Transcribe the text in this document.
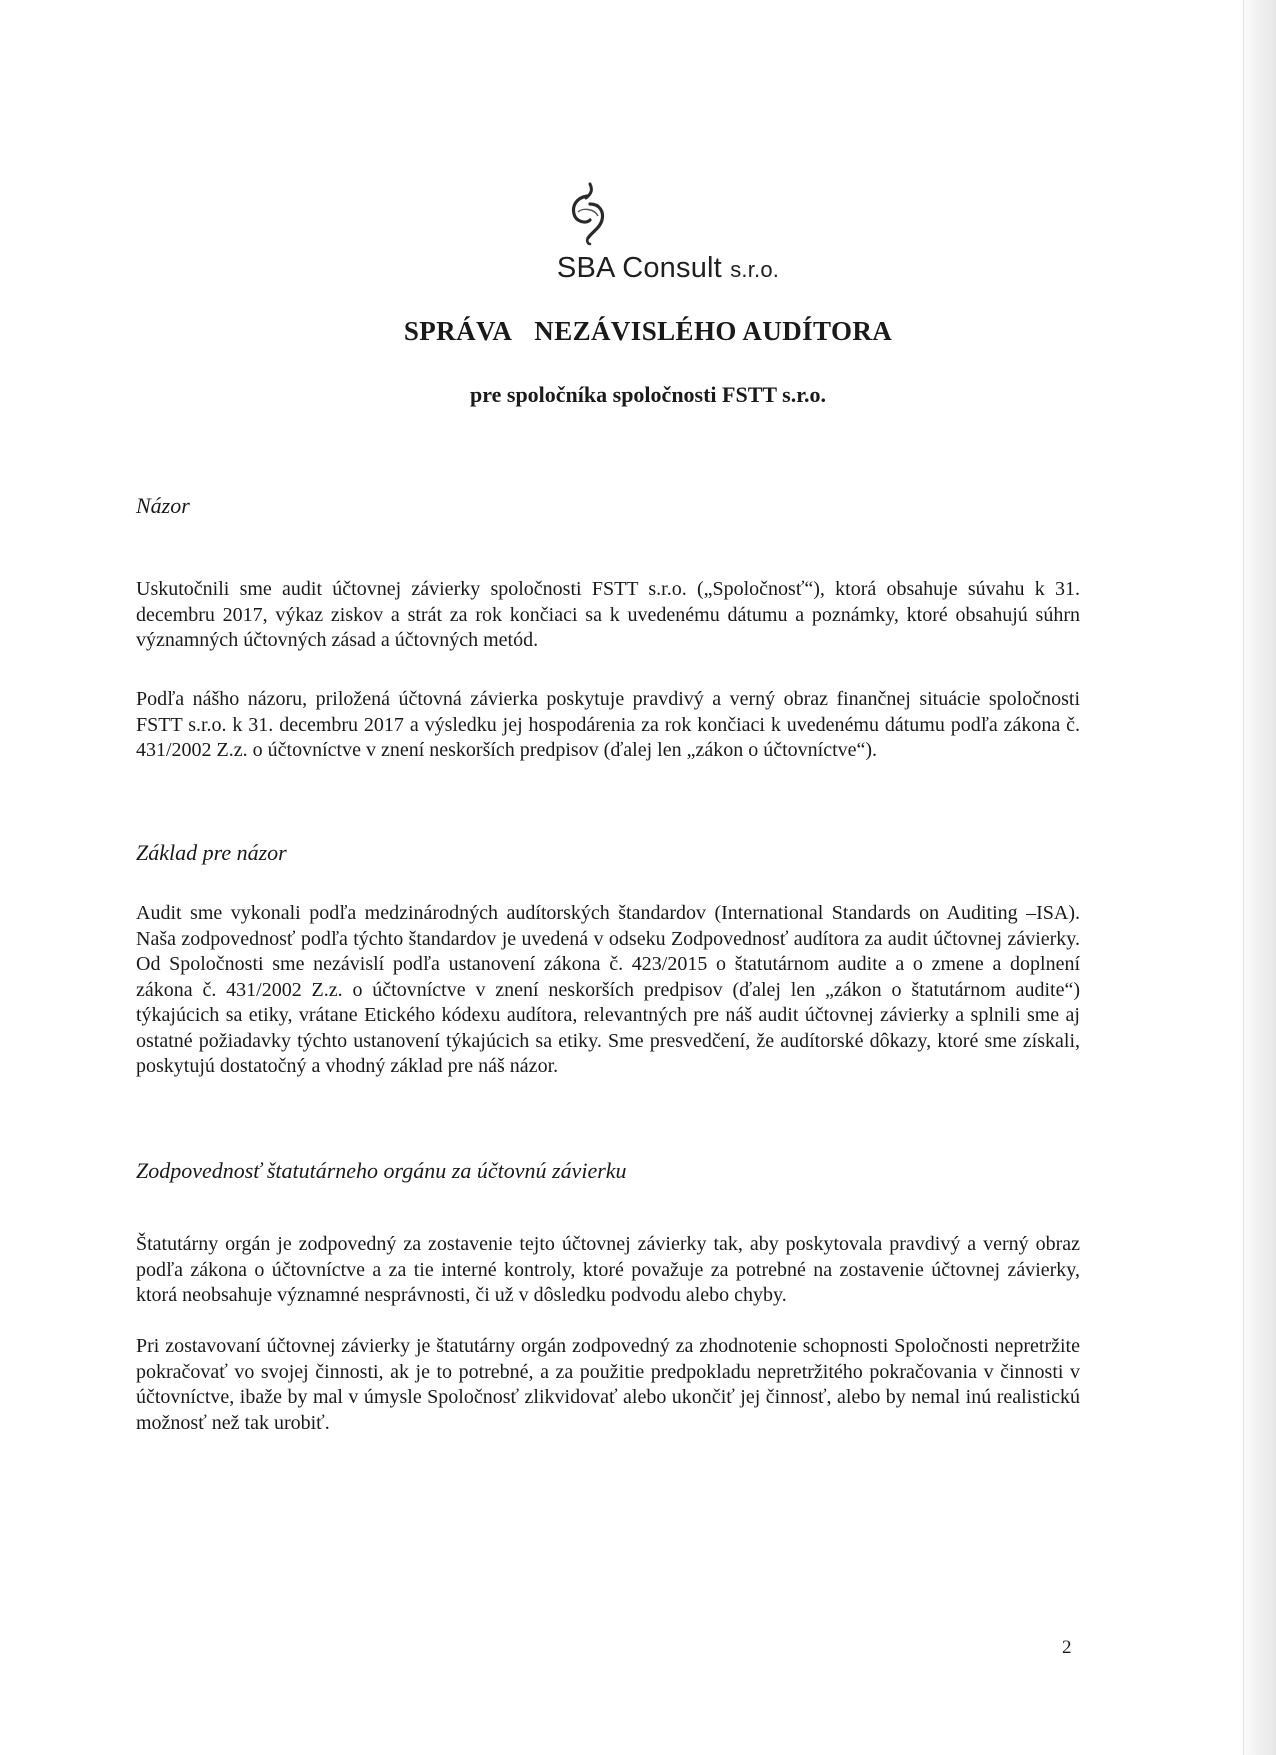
SBA Consult s.r.o.
SPRÁVA NEZÁVISLÉHO AUDÍTORA
pre spoločníka spoločnosti FSTT s.r.o.
Názor

Uskutočnili sme audit účtovnej závierky spoločnosti FSTT s.r.o. („Spoločnosť“), ktorá obsahuje súvahu k 31. decembru 2017, výkaz ziskov a strát za rok končiaci sa k uvedenému dátumu a poznámky, ktoré obsahujú súhrn významných účtovných zásad a účtovných metód.

Podľa nášho názoru, priložená účtovná závierka poskytuje pravdivý a verný obraz finančnej situácie spoločnosti FSTT s.r.o. k 31. decembru 2017 a výsledku jej hospodárenia za rok končiaci k uvedenému dátumu podľa zákona č. 431/2002 Z.z. o účtovníctve v znení neskorších predpisov (ďalej len „zákon o účtovníctve“).

Základ pre názor

Audit sme vykonali podľa medzinárodných audítorských štandardov (International Standards on Auditing –ISA). Naša zodpovednosť podľa týchto štandardov je uvedená v odseku Zodpovednosť audítora za audit účtovnej závierky. Od Spoločnosti sme nezávislí podľa ustanovení zákona č. 423/2015 o štatutárnom audite a o zmene a doplnení zákona č. 431/2002 Z.z. o účtovníctve v znení neskorších predpisov (ďalej len „zákon o štatutárnom audite“) týkajúcich sa etiky, vrátane Etického kódexu audítora, relevantných pre náš audit účtovnej závierky a splnili sme aj ostatné požiadavky týchto ustanovení týkajúcich sa etiky. Sme presvedčení, že audítorské dôkazy, ktoré sme získali, poskytujú dostatočný a vhodný základ pre náš názor.

Zodpovednosť štatutárneho orgánu za účtovnú závierku

Štatutárny orgán je zodpovedný za zostavenie tejto účtovnej závierky tak, aby poskytovala pravdivý a verný obraz podľa zákona o účtovníctve a za tie interné kontroly, ktoré považuje za potrebné na zostavenie účtovnej závierky, ktorá neobsahuje významné nesprávnosti, či už v dôsledku podvodu alebo chyby.

Pri zostavovaní účtovnej závierky je štatutárny orgán zodpovedný za zhodnotenie schopnosti Spoločnosti nepretržite pokračovať vo svojej činnosti, ak je to potrebné, a za použitie predpokladu nepretržitého pokračovania v činnosti v účtovníctve, ibaže by mal v úmysle Spoločnosť zlikvidovať alebo ukončiť jej činnosť, alebo by nemal inú realistickú možnosť než tak urobiť.

2
